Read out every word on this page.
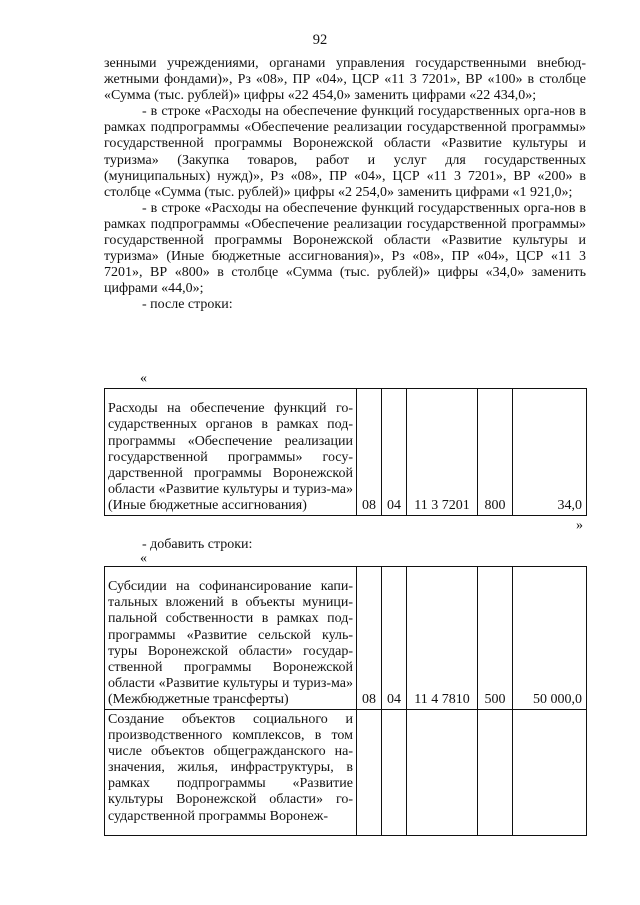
92

зенными учреждениями, органами управления государственными внебюд-жетными фондами)», Рз «08», ПР «04», ЦСР «11 3 7201», ВР «100» в столбце «Сумма (тыс. рублей)» цифры «22 454,0» заменить цифрами «22 434,0»;

- в строке «Расходы на обеспечение функций государственных орга-нов в рамках подпрограммы «Обеспечение реализации государственной программы» государственной программы Воронежской области «Развитие культуры и туризма» (Закупка товаров, работ и услуг для государственных (муниципальных) нужд)», Рз «08», ПР «04», ЦСР «11 3 7201», ВР «200» в столбце «Сумма (тыс. рублей)» цифры «2 254,0» заменить цифрами «1 921,0»;

- в строке «Расходы на обеспечение функций государственных орга-нов в рамках подпрограммы «Обеспечение реализации государственной программы» государственной программы Воронежской области «Развитие культуры и туризма» (Иные бюджетные ассигнования)», Рз «08», ПР «04», ЦСР «11 3 7201», ВР «800» в столбце «Сумма (тыс. рублей)» цифры «34,0» заменить цифрами «44,0»;

- после строки:

«
Расходы на обеспечение функций го-сударственных органов в рамках под-программы «Обеспечение реализации государственной программы» госу-дарственной программы Воронежской области «Развитие культуры и туриз-ма» (Иные бюджетные ассигнования)	08	04	11 3 7201	800	34,0
»

- добавить строки:

«
Субсидии на софинансирование капи-тальных вложений в объекты муници-пальной собственности в рамках под-программы «Развитие сельской куль-туры Воронежской области» государ-ственной программы Воронежской области «Развитие культуры и туриз-ма» (Межбюджетные трансферты)	08	04	11 4 7810	500	50 000,0
Создание объектов социального и производственного комплексов, в том числе объектов общегражданского на-значения, жилья, инфраструктуры, в рамках подпрограммы «Развитие культуры Воронежской области» го-сударственной программы Воронеж-					
